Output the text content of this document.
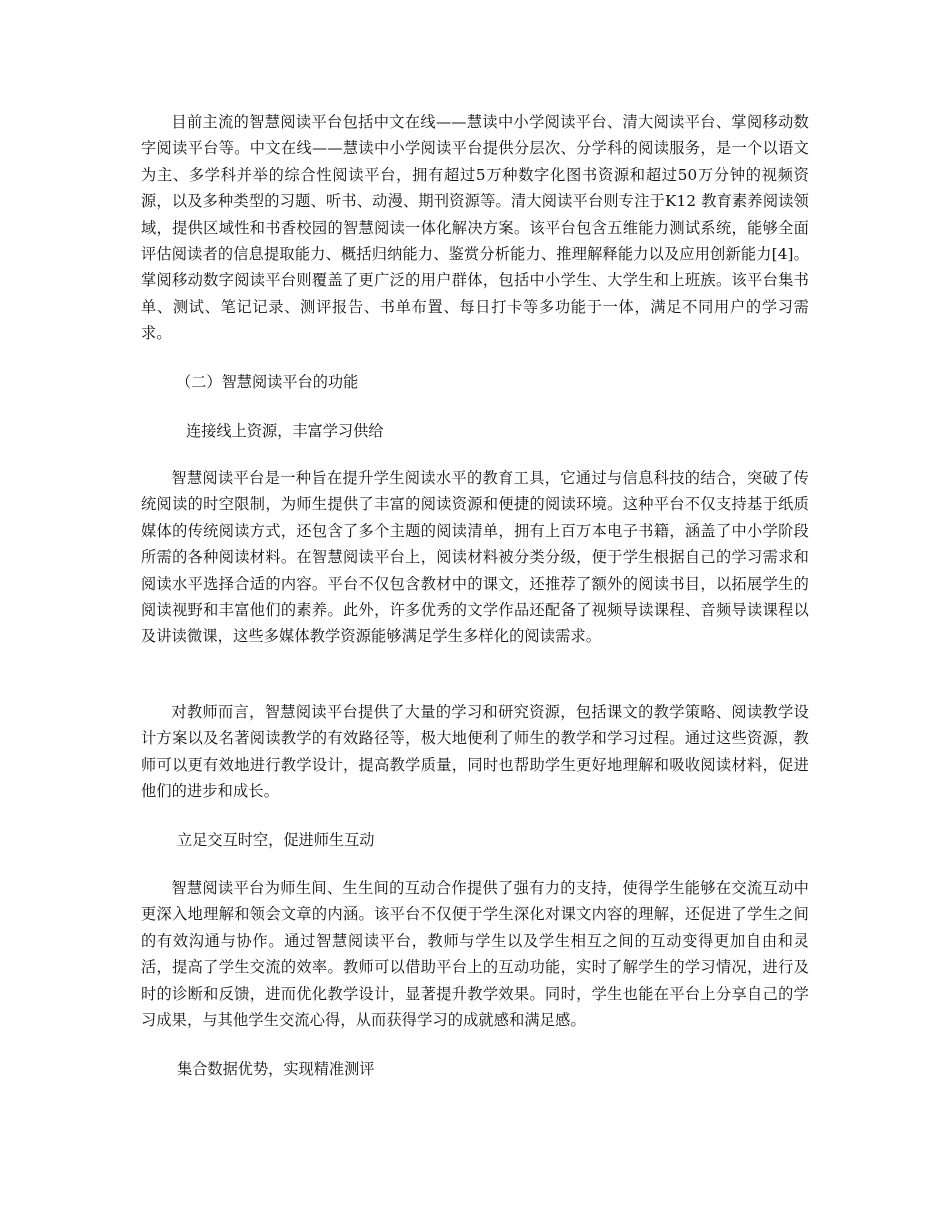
目前主流的智慧阅读平台包括中文在线——慧读中小学阅读平台、清大阅读平台、掌阅移动数字阅读平台等。中文在线——慧读中小学阅读平台提供分层次、分学科的阅读服务，是一个以语文为主、多学科并举的综合性阅读平台，拥有超过5万种数字化图书资源和超过50万分钟的视频资源，以及多种类型的习题、听书、动漫、期刊资源等。清大阅读平台则专注于K12 教育素养阅读领域，提供区域性和书香校园的智慧阅读一体化解决方案。该平台包含五维能力测试系统，能够全面评估阅读者的信息提取能力、概括归纳能力、鉴赏分析能力、推理解释能力以及应用创新能力[4]。掌阅移动数字阅读平台则覆盖了更广泛的用户群体，包括中小学生、大学生和上班族。该平台集书单、测试、笔记记录、测评报告、书单布置、每日打卡等多功能于一体，满足不同用户的学习需求。

（二）智慧阅读平台的功能

连接线上资源，丰富学习供给

智慧阅读平台是一种旨在提升学生阅读水平的教育工具，它通过与信息科技的结合，突破了传统阅读的时空限制，为师生提供了丰富的阅读资源和便捷的阅读环境。这种平台不仅支持基于纸质媒体的传统阅读方式，还包含了多个主题的阅读清单，拥有上百万本电子书籍，涵盖了中小学阶段所需的各种阅读材料。在智慧阅读平台上，阅读材料被分类分级，便于学生根据自己的学习需求和阅读水平选择合适的内容。平台不仅包含教材中的课文，还推荐了额外的阅读书目，以拓展学生的阅读视野和丰富他们的素养。此外，许多优秀的文学作品还配备了视频导读课程、音频导读课程以及讲读微课，这些多媒体教学资源能够满足学生多样化的阅读需求。

对教师而言，智慧阅读平台提供了大量的学习和研究资源，包括课文的教学策略、阅读教学设计方案以及名著阅读教学的有效路径等，极大地便利了师生的教学和学习过程。通过这些资源，教师可以更有效地进行教学设计，提高教学质量，同时也帮助学生更好地理解和吸收阅读材料，促进他们的进步和成长。

立足交互时空，促进师生互动

智慧阅读平台为师生间、生生间的互动合作提供了强有力的支持，使得学生能够在交流互动中更深入地理解和领会文章的内涵。该平台不仅便于学生深化对课文内容的理解，还促进了学生之间的有效沟通与协作。通过智慧阅读平台，教师与学生以及学生相互之间的互动变得更加自由和灵活，提高了学生交流的效率。教师可以借助平台上的互动功能，实时了解学生的学习情况，进行及时的诊断和反馈，进而优化教学设计，显著提升教学效果。同时，学生也能在平台上分享自己的学习成果，与其他学生交流心得，从而获得学习的成就感和满足感。

集合数据优势，实现精准测评
